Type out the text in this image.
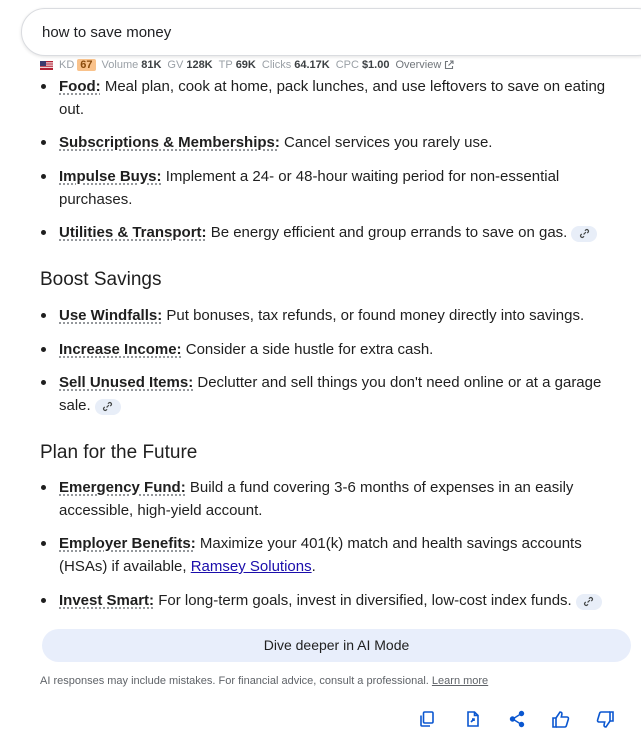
how to save money
KD 67 Volume 81K GV 128K TP 69K Clicks 64.17K CPC $1.00 Overview
Food: Meal plan, cook at home, pack lunches, and use leftovers to save on eating out.
Subscriptions & Memberships: Cancel services you rarely use.
Impulse Buys: Implement a 24- or 48-hour waiting period for non-essential purchases.
Utilities & Transport: Be energy efficient and group errands to save on gas.
Boost Savings
Use Windfalls: Put bonuses, tax refunds, or found money directly into savings.
Increase Income: Consider a side hustle for extra cash.
Sell Unused Items: Declutter and sell things you don't need online or at a garage sale.
Plan for the Future
Emergency Fund: Build a fund covering 3-6 months of expenses in an easily accessible, high-yield account.
Employer Benefits: Maximize your 401(k) match and health savings accounts (HSAs) if available, Ramsey Solutions.
Invest Smart: For long-term goals, invest in diversified, low-cost index funds.
Dive deeper in AI Mode
AI responses may include mistakes. For financial advice, consult a professional. Learn more
